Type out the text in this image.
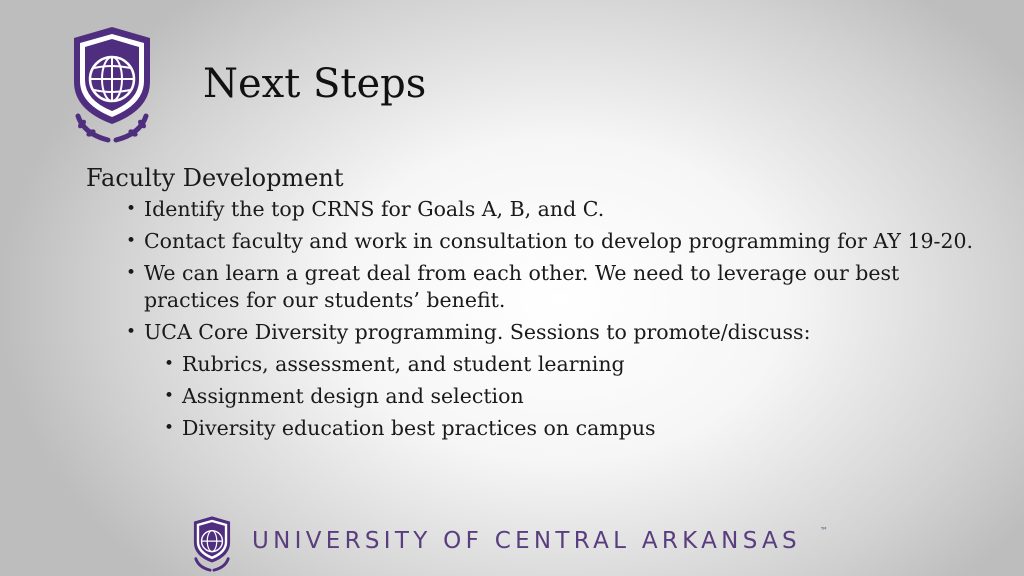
Next Steps
Faculty Development
• Identify the top CRNS for Goals A, B, and C.
• Contact faculty and work in consultation to develop programming for AY 19-20.
• We can learn a great deal from each other. We need to leverage our best practices for our students’ benefit.
• UCA Core Diversity programming. Sessions to promote/discuss:
• Rubrics, assessment, and student learning
• Assignment design and selection
• Diversity education best practices on campus
UNIVERSITY OF CENTRAL ARKANSAS ™
